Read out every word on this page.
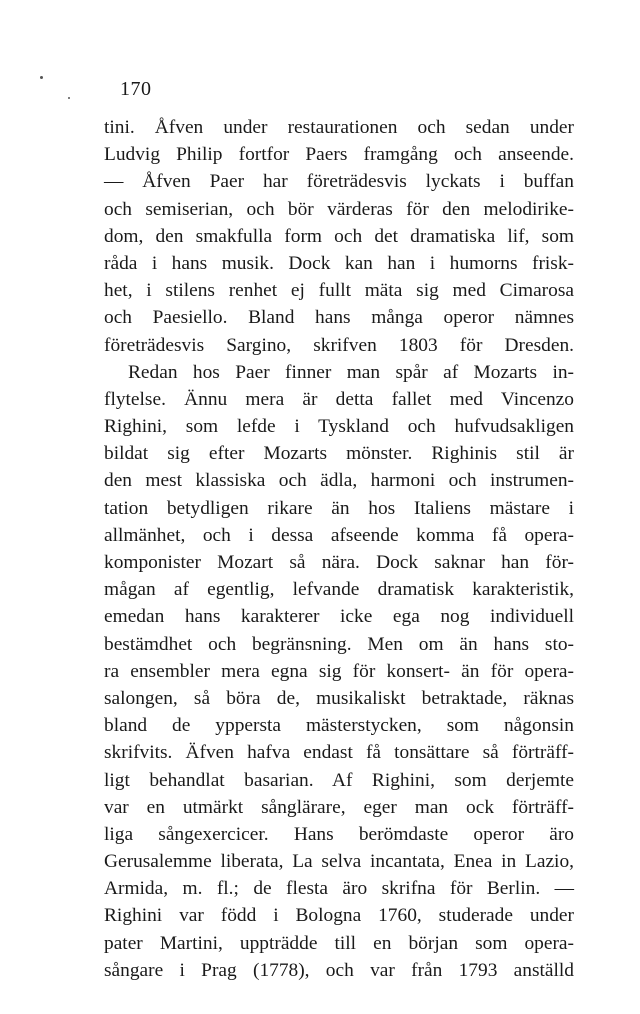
170
tini. Åfven under restaurationen och sedan under
Ludvig Philip fortfor Paers framgång och anseende.
— Åfven Paer har företrädesvis lyckats i buffan
och semiserian, och bör värderas för den melodirike-
dom, den smakfulla form och det dramatiska lif, som
råda i hans musik. Dock kan han i humorns frisk-
het, i stilens renhet ej fullt mäta sig med Cimarosa
och Paesiello. Bland hans många operor nämnes
företrädesvis Sargino, skrifven 1803 för Dresden.
Redan hos Paer finner man spår af Mozarts in-
flytelse. Ännu mera är detta fallet med Vincenzo
Righini, som lefde i Tyskland och hufvudsakligen
bildat sig efter Mozarts mönster. Righinis stil är
den mest klassiska och ädla, harmoni och instrumen-
tation betydligen rikare än hos Italiens mästare i
allmänhet, och i dessa afseende komma få opera-
komponister Mozart så nära. Dock saknar han för-
mågan af egentlig, lefvande dramatisk karakteristik,
emedan hans karakterer icke ega nog individuell
bestämdhet och begränsning. Men om än hans sto-
ra ensembler mera egna sig för konsert- än för opera-
salongen, så böra de, musikaliskt betraktade, räknas
bland de yppersta mästerstycken, som någonsin
skrifvits. Äfven hafva endast få tonsättare så förträff-
ligt behandlat basarian. Af Righini, som derjemte
var en utmärkt sånglärare, eger man ock förträff-
liga sångexercicer. Hans berömdaste operor äro
Gerusalemme liberata, La selva incantata, Enea in Lazio,
Armida, m. fl.; de flesta äro skrifna för Berlin. —
Righini var född i Bologna 1760, studerade under
pater Martini, uppträdde till en början som opera-
sångare i Prag (1778), och var från 1793 anställd
